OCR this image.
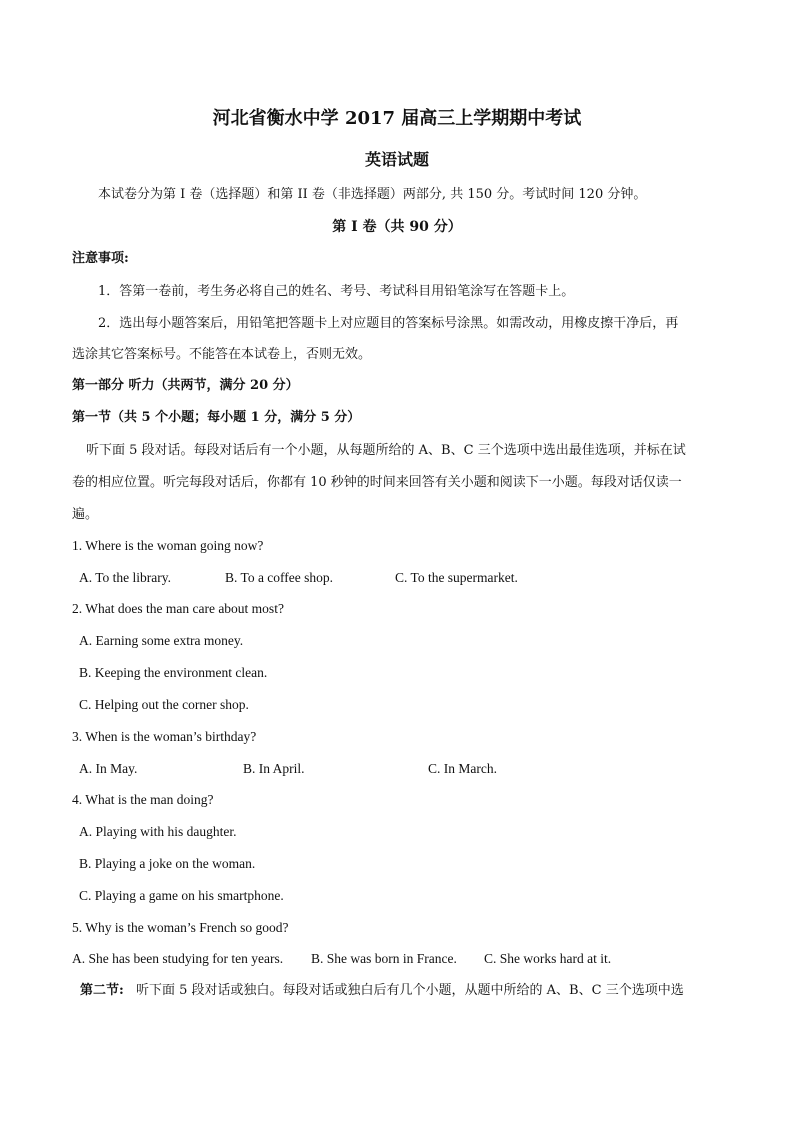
河北省衡水中学 2017 届高三上学期期中考试
英语试题
本试卷分为第 I 卷（选择题）和第 II 卷（非选择题）两部分, 共 150 分。考试时间 120 分钟。
第 I 卷（共 90 分）
注意事项:
1．答第一卷前，考生务必将自己的姓名、考号、考试科目用铅笔涂写在答题卡上。
2．选出每小题答案后，用铅笔把答题卡上对应题目的答案标号涂黑。如需改动，用橡皮擦干净后，再
选涂其它答案标号。不能答在本试卷上，否则无效。
第一部分 听力（共两节，满分 20 分）
第一节（共 5 个小题；每小题 1 分，满分 5 分）
听下面 5 段对话。每段对话后有一个小题，从每题所给的 A、B、C 三个选项中选出最佳选项，并标在试
卷的相应位置。听完每段对话后，你都有 10 秒钟的时间来回答有关小题和阅读下一小题。每段对话仅读一
遍。
1. Where is the woman going now?
A. To the library.	B. To a coffee shop.	C. To the supermarket.
2. What does the man care about most?
A. Earning some extra money.
B. Keeping the environment clean.
C. Helping out the corner shop.
3. When is the woman’s birthday?
A. In May.	B. In April.	C. In March.
4. What is the man doing?
A. Playing with his daughter.
B. Playing a joke on the woman.
C. Playing a game on his smartphone.
5. Why is the woman’s French so good?
A. She has been studying for ten years. B. She was born in France. C. She works hard at it.
第二节: 听下面 5 段对话或独白。每段对话或独白后有几个小题，从题中所给的 A、B、C 三个选项中选
